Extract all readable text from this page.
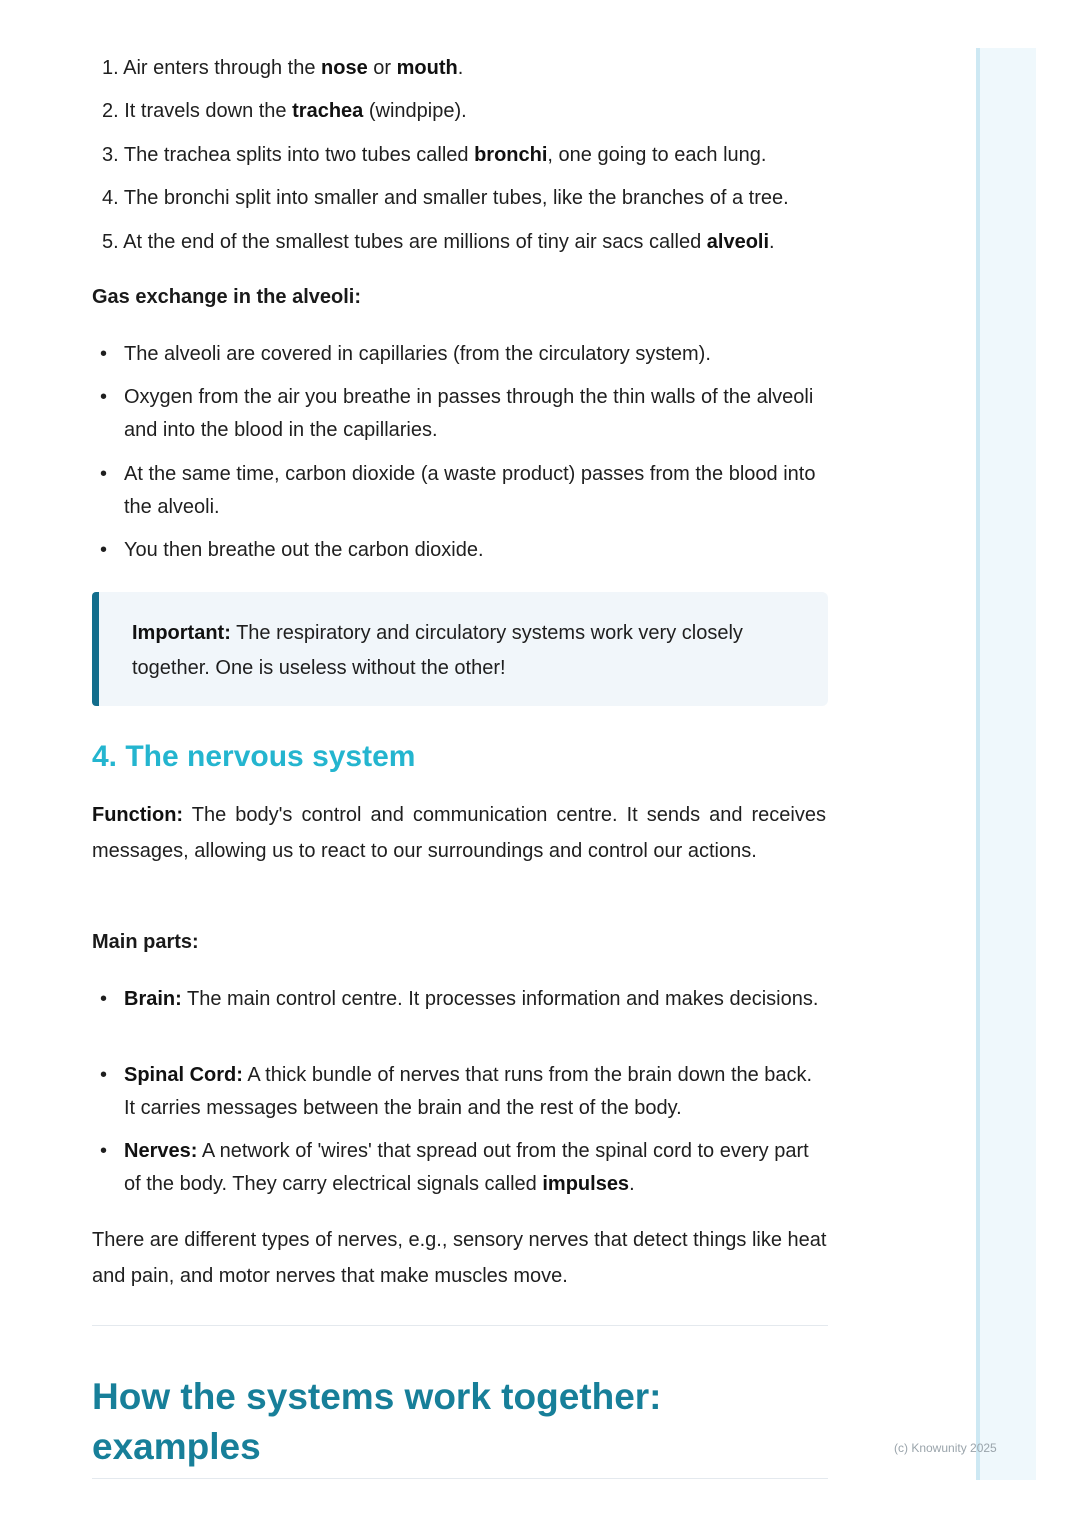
1. Air enters through the nose or mouth.
2. It travels down the trachea (windpipe).
3. The trachea splits into two tubes called bronchi, one going to each lung.
4. The bronchi split into smaller and smaller tubes, like the branches of a tree.
5. At the end of the smallest tubes are millions of tiny air sacs called alveoli.
Gas exchange in the alveoli:
• The alveoli are covered in capillaries (from the circulatory system).
• Oxygen from the air you breathe in passes through the thin walls of the alveoli and into the blood in the capillaries.
• At the same time, carbon dioxide (a waste product) passes from the blood into the alveoli.
• You then breathe out the carbon dioxide.
Important: The respiratory and circulatory systems work very closely together. One is useless without the other!
4. The nervous system
Function: The body's control and communication centre. It sends and receives messages, allowing us to react to our surroundings and control our actions.
Main parts:
• Brain: The main control centre. It processes information and makes decisions.
• Spinal Cord: A thick bundle of nerves that runs from the brain down the back. It carries messages between the brain and the rest of the body.
• Nerves: A network of 'wires' that spread out from the spinal cord to every part of the body. They carry electrical signals called impulses.
There are different types of nerves, e.g., sensory nerves that detect things like heat and pain, and motor nerves that make muscles move.
How the systems work together: examples	(c) Knowunity 2025
